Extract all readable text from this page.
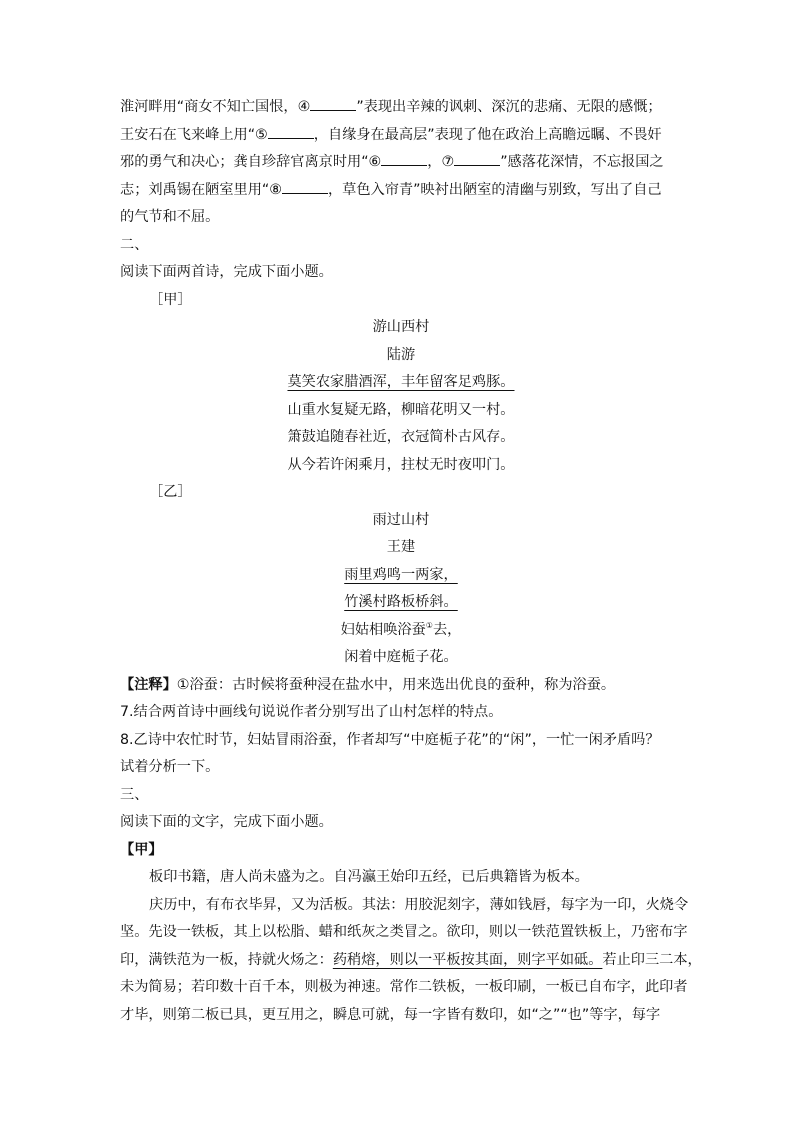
淮河畔用“商女不知亡国恨，④	”表现出辛辣的讽刺、深沉的悲痛、无限的感慨；
王安石在飞来峰上用“⑤	，自缘身在最高层”表现了他在政治上高瞻远瞩、不畏奸
邪的勇气和决心；龚自珍辞官离京时用“⑥	，⑦	”感落花深情，不忘报国之
志；刘禹锡在陋室里用“⑧	，草色入帘青”映衬出陋室的清幽与别致，写出了自己
的气节和不屈。
二、
阅读下面两首诗，完成下面小题。
［甲］
游山西村
陆游
莫笑农家腊酒浑，丰年留客足鸡豚。
山重水复疑无路，柳暗花明又一村。
箫鼓追随春社近，衣冠简朴古风存。
从今若许闲乘月，拄杖无时夜叩门。
［乙］
雨过山村
王建
雨里鸡鸣一两家，
竹溪村路板桥斜。
妇姑相唤浴蚕①去，
闲着中庭栀子花。
【注释】①浴蚕：古时候将蚕种浸在盐水中，用来选出优良的蚕种，称为浴蚕。
7.结合两首诗中画线句说说作者分别写出了山村怎样的特点。
8.乙诗中农忙时节，妇姑冒雨浴蚕，作者却写“中庭栀子花”的“闲”，一忙一闲矛盾吗？
试着分析一下。
三、
阅读下面的文字，完成下面小题。
【甲】
板印书籍，唐人尚未盛为之。自冯瀛王始印五经，已后典籍皆为板本。
庆历中，有布衣毕昇，又为活板。其法：用胶泥刻字，薄如钱唇，每字为一印，火烧令
坚。先设一铁板，其上以松脂、蜡和纸灰之类冒之。欲印，则以一铁范置铁板上，乃密布字
印，满铁范为一板，持就火炀之：药稍熔，则以一平板按其面，则字平如砥。若止印三二本，
未为简易；若印数十百千本，则极为神速。常作二铁板，一板印刷，一板已自布字，此印者
才毕，则第二板已具，更互用之，瞬息可就，每一字皆有数印，如“之”“也”等字，每字
